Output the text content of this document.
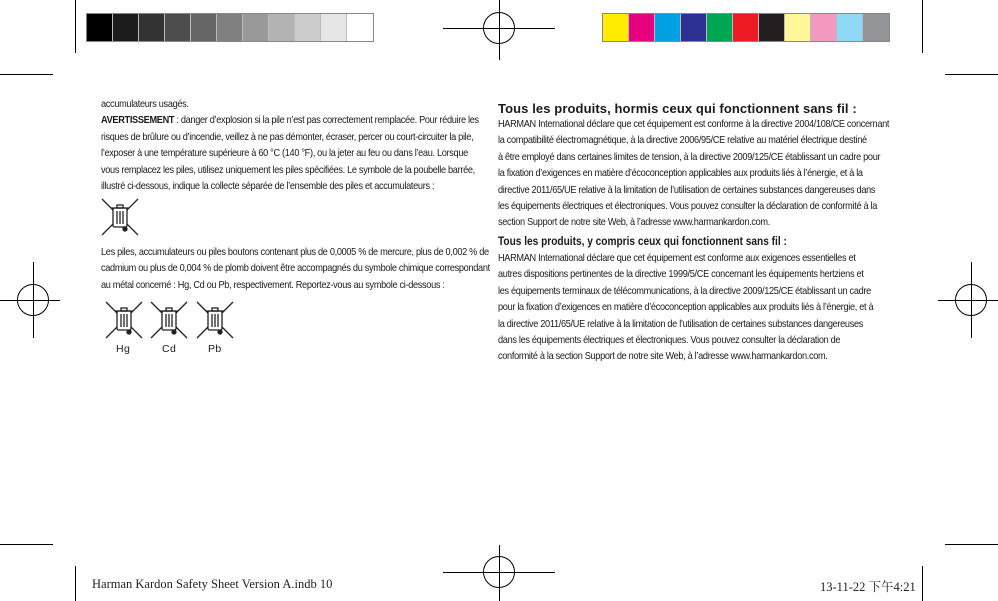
accumulateurs usagés.
AVERTISSEMENT : danger d’explosion si la pile n’est pas correctement remplacée. Pour réduire les
risques de brûlure ou d’incendie, veillez à ne pas démonter, écraser, percer ou court-circuiter la pile,
l’exposer à une température supérieure à 60 °C (140 °F), ou la jeter au feu ou dans l’eau. Lorsque
vous remplacez les piles, utilisez uniquement les piles spécifiées. Le symbole de la poubelle barrée,
illustré ci-dessous, indique la collecte séparée de l’ensemble des piles et accumulateurs :
Les piles, accumulateurs ou piles boutons contenant plus de 0,0005 % de mercure, plus de 0,002 % de
cadmium ou plus de 0,004 % de plomb doivent être accompagnés du symbole chimique correspondant
au métal concerné : Hg, Cd ou Pb, respectivement. Reportez-vous au symbole ci-dessous :
Hg	Cd	Pb
Tous les produits, hormis ceux qui fonctionnent sans fil :
HARMAN International déclare que cet équipement est conforme à la directive 2004/108/CE concernant
la compatibilité électromagnétique, à la directive 2006/95/CE relative au matériel électrique destiné
à être employé dans certaines limites de tension, à la directive 2009/125/CE établissant un cadre pour
la fixation d’exigences en matière d’écoconception applicables aux produits liés à l’énergie, et à la
directive 2011/65/UE relative à la limitation de l’utilisation de certaines substances dangereuses dans
les équipements électriques et électroniques. Vous pouvez consulter la déclaration de conformité à la
section Support de notre site Web, à l’adresse www.harmankardon.com.
Tous les produits, y compris ceux qui fonctionnent sans fil :
HARMAN International déclare que cet équipement est conforme aux exigences essentielles et
autres dispositions pertinentes de la directive 1999/5/CE concernant les équipements hertziens et
les équipements terminaux de télécommunications, à la directive 2009/125/CE établissant un cadre
pour la fixation d’exigences en matière d’écoconception applicables aux produits liés à l’énergie, et à
la directive 2011/65/UE relative à la limitation de l’utilisation de certaines substances dangereuses
dans les équipements électriques et électroniques. Vous pouvez consulter la déclaration de
conformité à la section Support de notre site Web, à l’adresse www.harmankardon.com.
Harman Kardon Safety Sheet Version A.indb 10	13-11-22 下午4:21
